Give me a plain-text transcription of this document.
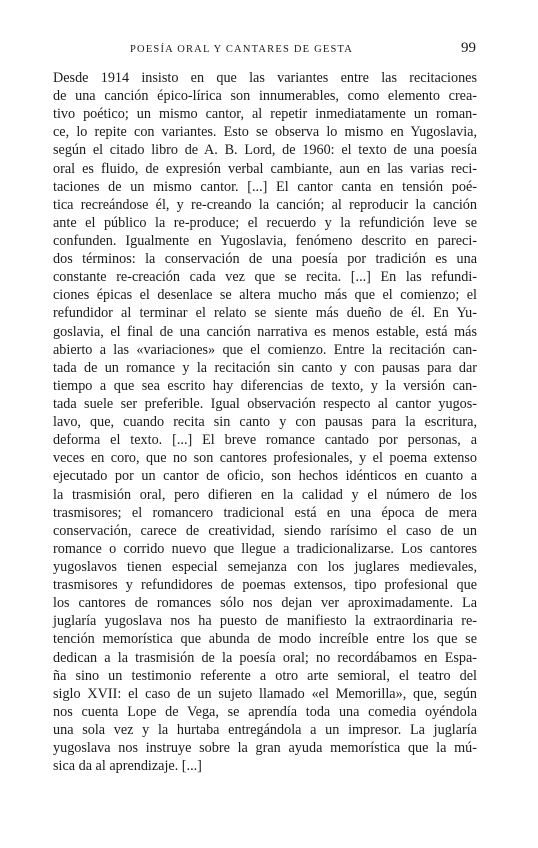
POESÍA ORAL Y CANTARES DE GESTA	99
Desde 1914 insisto en que las variantes entre las recitaciones
de una canción épico-lírica son innumerables, como elemento crea-
tivo poético; un mismo cantor, al repetir inmediatamente un roman-
ce, lo repite con variantes. Esto se observa lo mismo en Yugoslavia,
según el citado libro de A. B. Lord, de 1960: el texto de una poesía
oral es fluido, de expresión verbal cambiante, aun en las varias reci-
taciones de un mismo cantor. [...] El cantor canta en tensión poé-
tica recreándose él, y re-creando la canción; al reproducir la canción
ante el público la re-produce; el recuerdo y la refundición leve se
confunden. Igualmente en Yugoslavia, fenómeno descrito en pareci-
dos términos: la conservación de una poesía por tradición es una
constante re-creación cada vez que se recita. [...] En las refundi-
ciones épicas el desenlace se altera mucho más que el comienzo; el
refundidor al terminar el relato se siente más dueño de él. En Yu-
goslavia, el final de una canción narrativa es menos estable, está más
abierto a las «variaciones» que el comienzo. Entre la recitación can-
tada de un romance y la recitación sin canto y con pausas para dar
tiempo a que sea escrito hay diferencias de texto, y la versión can-
tada suele ser preferible. Igual observación respecto al cantor yugos-
lavo, que, cuando recita sin canto y con pausas para la escritura,
deforma el texto. [...] El breve romance cantado por personas, a
veces en coro, que no son cantores profesionales, y el poema extenso
ejecutado por un cantor de oficio, son hechos idénticos en cuanto a
la trasmisión oral, pero difieren en la calidad y el número de los
trasmisores; el romancero tradicional está en una época de mera
conservación, carece de creatividad, siendo rarísimo el caso de un
romance o corrido nuevo que llegue a tradicionalizarse. Los cantores
yugoslavos tienen especial semejanza con los juglares medievales,
trasmisores y refundidores de poemas extensos, tipo profesional que
los cantores de romances sólo nos dejan ver aproximadamente. La
juglaría yugoslava nos ha puesto de manifiesto la extraordinaria re-
tención memorística que abunda de modo increíble entre los que se
dedican a la trasmisión de la poesía oral; no recordábamos en Espa-
ña sino un testimonio referente a otro arte semioral, el teatro del
siglo XVII: el caso de un sujeto llamado «el Memorilla», que, según
nos cuenta Lope de Vega, se aprendía toda una comedia oyéndola
una sola vez y la hurtaba entregándola a un impresor. La juglaría
yugoslava nos instruye sobre la gran ayuda memorística que la mú-
sica da al aprendizaje. [...]
